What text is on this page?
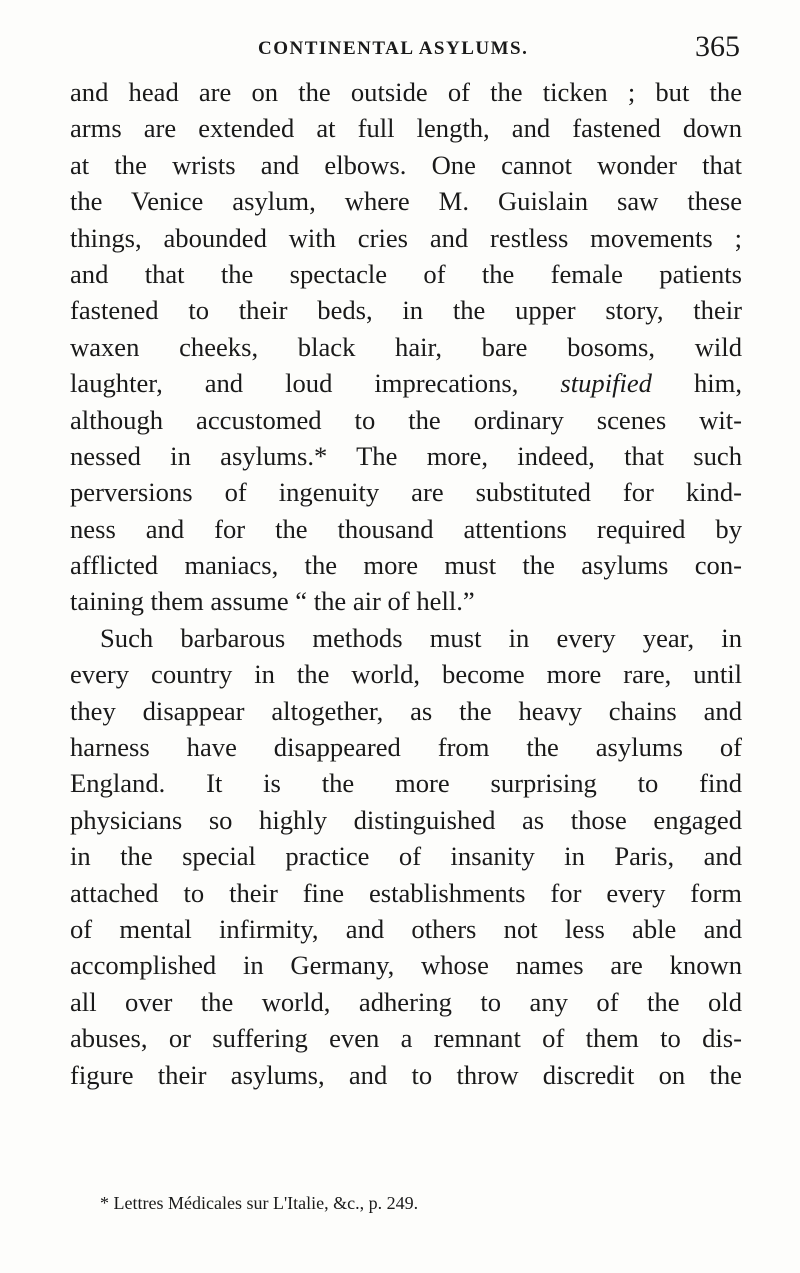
CONTINENTAL ASYLUMS.	365
and head are on the outside of the ticken ; but the
arms are extended at full length, and fastened down
at the wrists and elbows. One cannot wonder that
the Venice asylum, where M. Guislain saw these
things, abounded with cries and restless movements ;
and that the spectacle of the female patients
fastened to their beds, in the upper story, their
waxen cheeks, black hair, bare bosoms, wild
laughter, and loud imprecations, stupified him,
although accustomed to the ordinary scenes wit-
nessed in asylums.* The more, indeed, that such
perversions of ingenuity are substituted for kind-
ness and for the thousand attentions required by
afflicted maniacs, the more must the asylums con-
taining them assume “ the air of hell.”
Such barbarous methods must in every year, in
every country in the world, become more rare, until
they disappear altogether, as the heavy chains and
harness have disappeared from the asylums of
England. It is the more surprising to find
physicians so highly distinguished as those engaged
in the special practice of insanity in Paris, and
attached to their fine establishments for every form
of mental infirmity, and others not less able and
accomplished in Germany, whose names are known
all over the world, adhering to any of the old
abuses, or suffering even a remnant of them to dis-
figure their asylums, and to throw discredit on the
* Lettres Médicales sur L'Italie, &c., p. 249.
